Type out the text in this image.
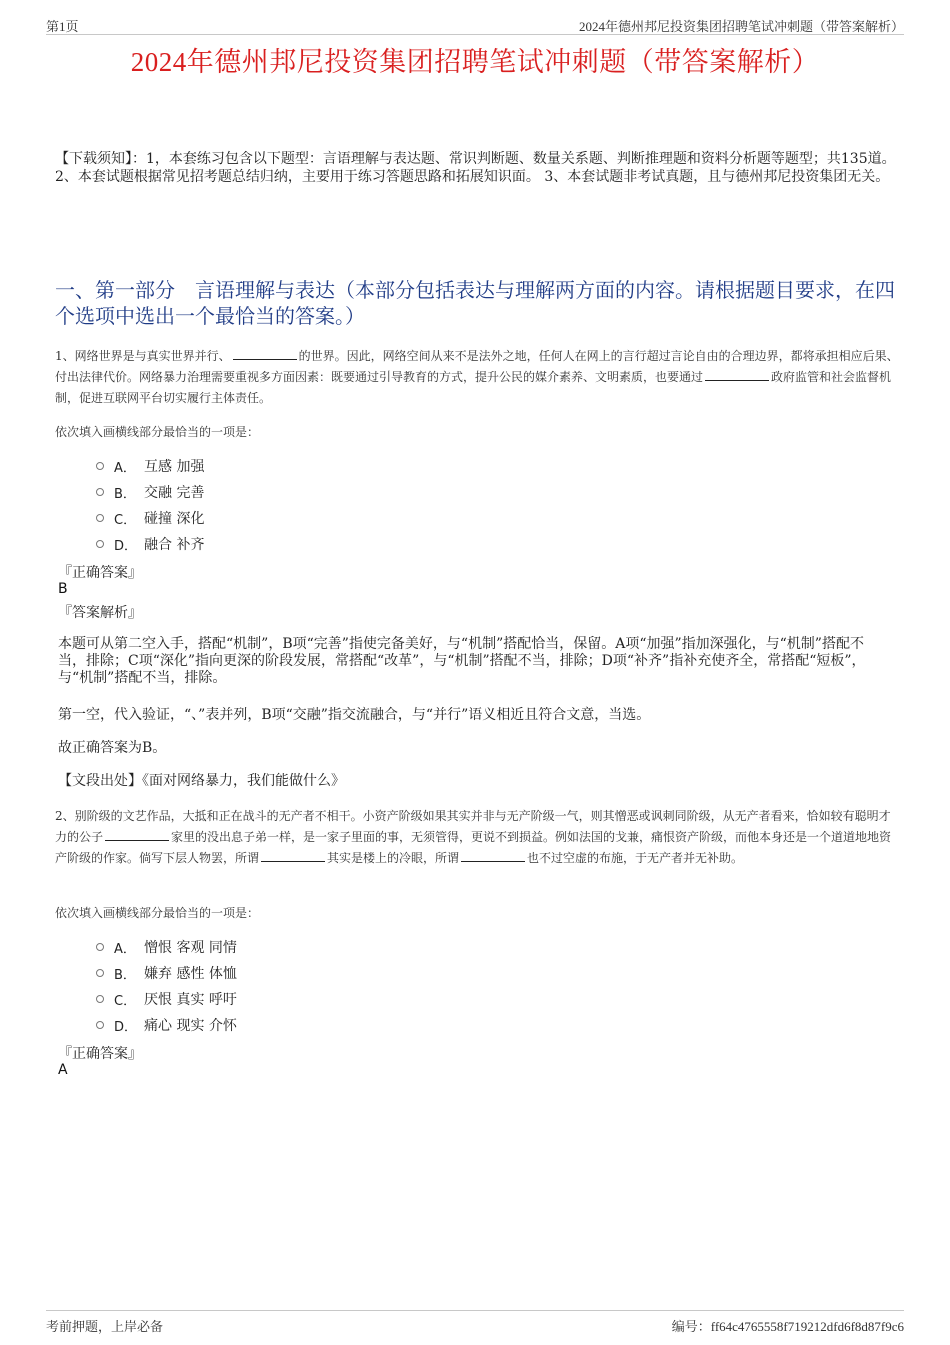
第1页	2024年德州邦尼投资集团招聘笔试冲刺题（带答案解析）
2024年德州邦尼投资集团招聘笔试冲刺题（带答案解析）
【下载须知】：1，本套练习包含以下题型：言语理解与表达题、常识判断题、数量关系题、判断推理题和资料分析题等题型；共135道。 2、本套试题根据常见招考题总结归纳，主要用于练习答题思路和拓展知识面。 3、本套试题非考试真题，且与德州邦尼投资集团无关。
一、第一部分　言语理解与表达（本部分包括表达与理解两方面的内容。请根据题目要求，在四个选项中选出一个最恰当的答案。）
1、网络世界是与真实世界并行、	的世界。因此，网络空间从来不是法外之地，任何人在网上的言行超过言论自由的合理边界，都将承担相应后果、付出法律代价。网络暴力治理需要重视多方面因素：既要通过引导教育的方式，提升公民的媒介素养、文明素质，也要通过	政府监管和社会监督机制，促进互联网平台切实履行主体责任。
依次填入画横线部分最恰当的一项是：
A． 互感 加强
B． 交融 完善
C． 碰撞 深化
D． 融合 补齐
『正确答案』
B
『答案解析』
本题可从第二空入手，搭配“机制”，B项“完善”指使完备美好，与“机制”搭配恰当，保留。A项“加强”指加深强化，与“机制”搭配不当，排除；C项“深化”指向更深的阶段发展，常搭配“改革”，与“机制”搭配不当，排除；D项“补齐”指补充使齐全，常搭配“短板”，与“机制”搭配不当，排除。
第一空，代入验证，“、”表并列，B项“交融”指交流融合，与“并行”语义相近且符合文意，当选。
故正确答案为B。
【文段出处】《面对网络暴力，我们能做什么》
2、别阶级的文艺作品，大抵和正在战斗的无产者不相干。小资产阶级如果其实并非与无产阶级一气，则其憎恶或讽刺同阶级，从无产者看来，恰如较有聪明才力的公子	家里的没出息子弟一样，是一家子里面的事，无须管得，更说不到损益。例如法国的戈兼，痛恨资产阶级，而他本身还是一个道道地地资产阶级的作家。倘写下层人物罢，所谓	其实是楼上的冷眼，所谓	也不过空虚的布施，于无产者并无补助。
依次填入画横线部分最恰当的一项是：
A． 憎恨 客观 同情
B． 嫌弃 感性 体恤
C． 厌恨 真实 呼吁
D． 痛心 现实 介怀
『正确答案』
A
考前押题，上岸必备	编号：ff64c4765558f719212dfd6f8d87f9c6
